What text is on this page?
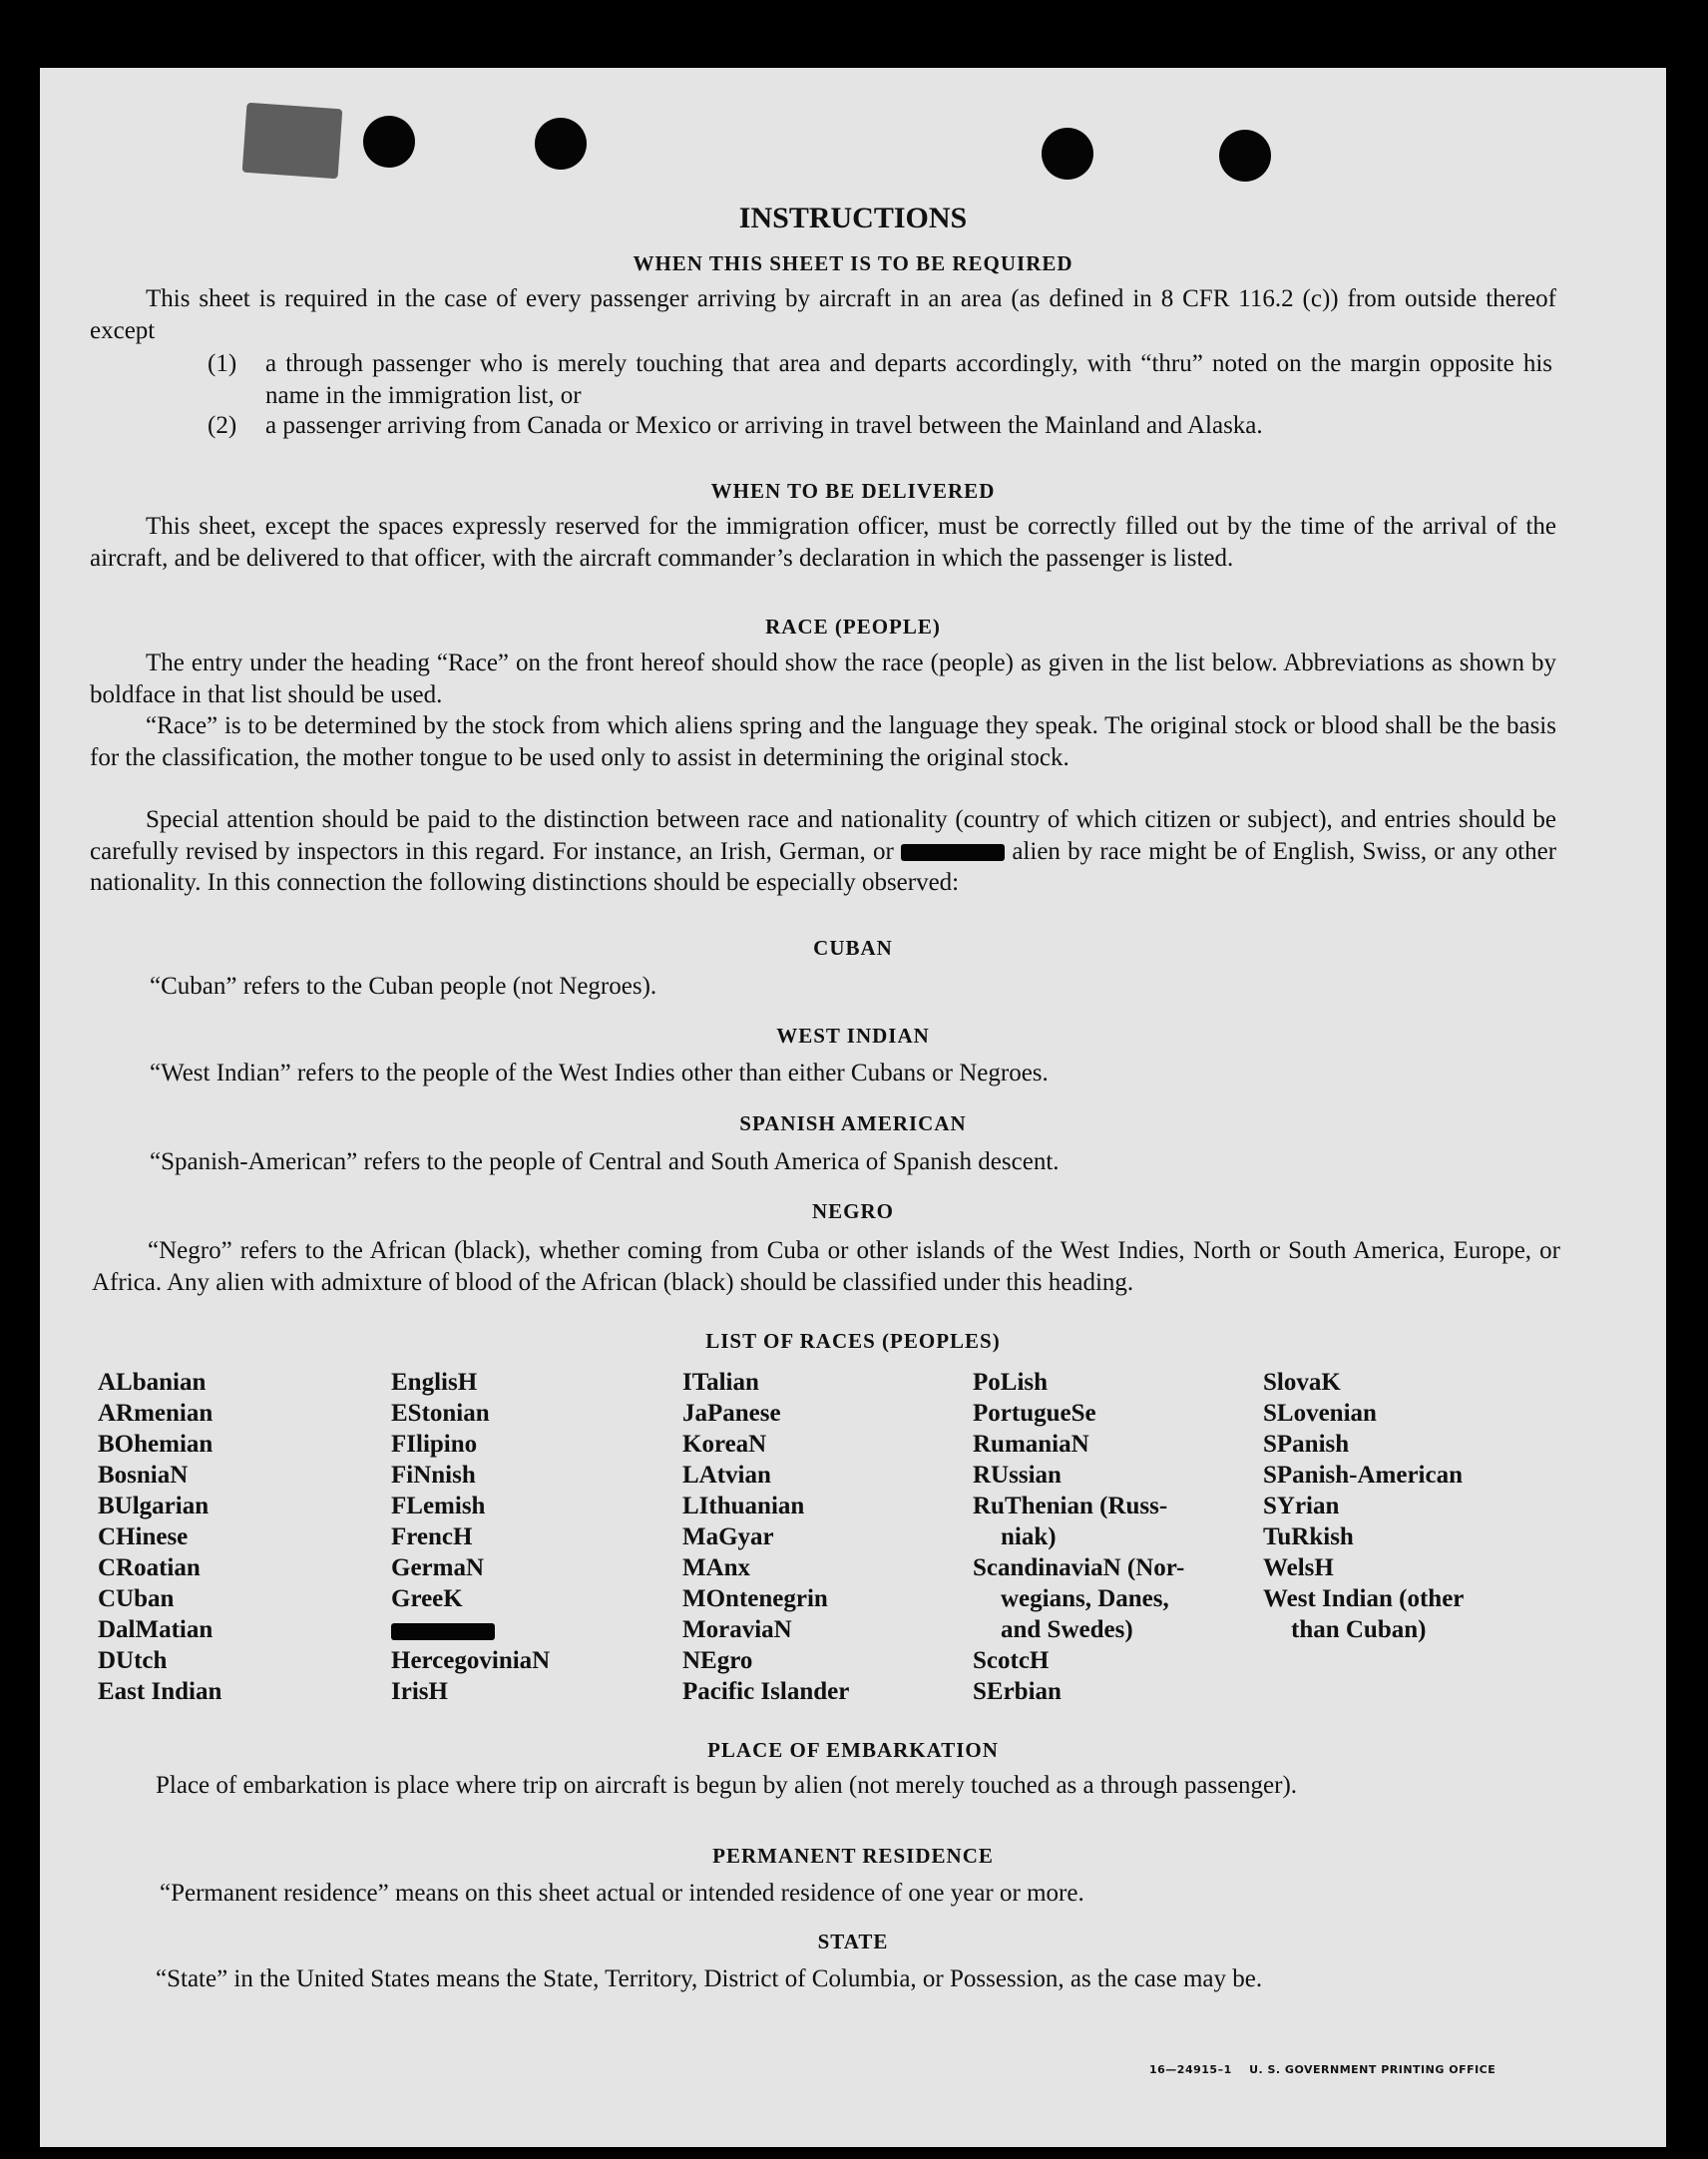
INSTRUCTIONS
WHEN THIS SHEET IS TO BE REQUIRED
This sheet is required in the case of every passenger arriving by aircraft in an area (as defined in 8 CFR 116.2 (c)) from outside thereof except
(1) a through passenger who is merely touching that area and departs accordingly, with “thru” noted on the margin opposite his name in the immigration list, or
(2) a passenger arriving from Canada or Mexico or arriving in travel between the Mainland and Alaska.
WHEN TO BE DELIVERED
This sheet, except the spaces expressly reserved for the immigration officer, must be correctly filled out by the time of the arrival of the aircraft, and be delivered to that officer, with the aircraft commander’s declaration in which the passenger is listed.
RACE (PEOPLE)
The entry under the heading “Race” on the front hereof should show the race (people) as given in the list below. Abbreviations as shown by boldface in that list should be used.
“Race” is to be determined by the stock from which aliens spring and the language they speak. The original stock or blood shall be the basis for the classification, the mother tongue to be used only to assist in determining the original stock.
Special attention should be paid to the distinction between race and nationality (country of which citizen or subject), and entries should be carefully revised by inspectors in this regard. For instance, an Irish, German, or	alien by race might be of English, Swiss, or any other nationality. In this connection the following distinctions should be especially observed:
CUBAN
“Cuban” refers to the Cuban people (not Negroes).
WEST INDIAN
“West Indian” refers to the people of the West Indies other than either Cubans or Negroes.
SPANISH AMERICAN
“Spanish-American” refers to the people of Central and South America of Spanish descent.
NEGRO
“Negro” refers to the African (black), whether coming from Cuba or other islands of the West Indies, North or South America, Europe, or Africa. Any alien with admixture of blood of the African (black) should be classified under this heading.
LIST OF RACES (PEOPLES)
ALbanian
ARmenian
BOhemian
BosniaN
BUlgarian
CHinese
CRoatian
CUban
DalMatian
DUtch
East Indian
EnglisH
EStonian
FIlipino
FiNnish
FLemish
FrencH
GermaN
GreeK
HercegoviniaN
IrisH
ITalian
JaPanese
KoreaN
LAtvian
LIthuanian
MaGyar
MAnx
MOntenegrin
MoraviaN
NEgro
Pacific Islander
PoLish
PortugueSe
RumaniaN
RUssian
RuThenian (Russ-
niak)
ScandinaviaN (Nor-
wegians, Danes,
and Swedes)
ScotcH
SErbian
SlovaK
SLovenian
SPanish
SPanish-American
SYrian
TuRkish
WelsH
West Indian (other
than Cuban)
PLACE OF EMBARKATION
Place of embarkation is place where trip on aircraft is begun by alien (not merely touched as a through passenger).
PERMANENT RESIDENCE
“Permanent residence” means on this sheet actual or intended residence of one year or more.
STATE
“State” in the United States means the State, Territory, District of Columbia, or Possession, as the case may be.
16—24915–1 U. S. GOVERNMENT PRINTING OFFICE
